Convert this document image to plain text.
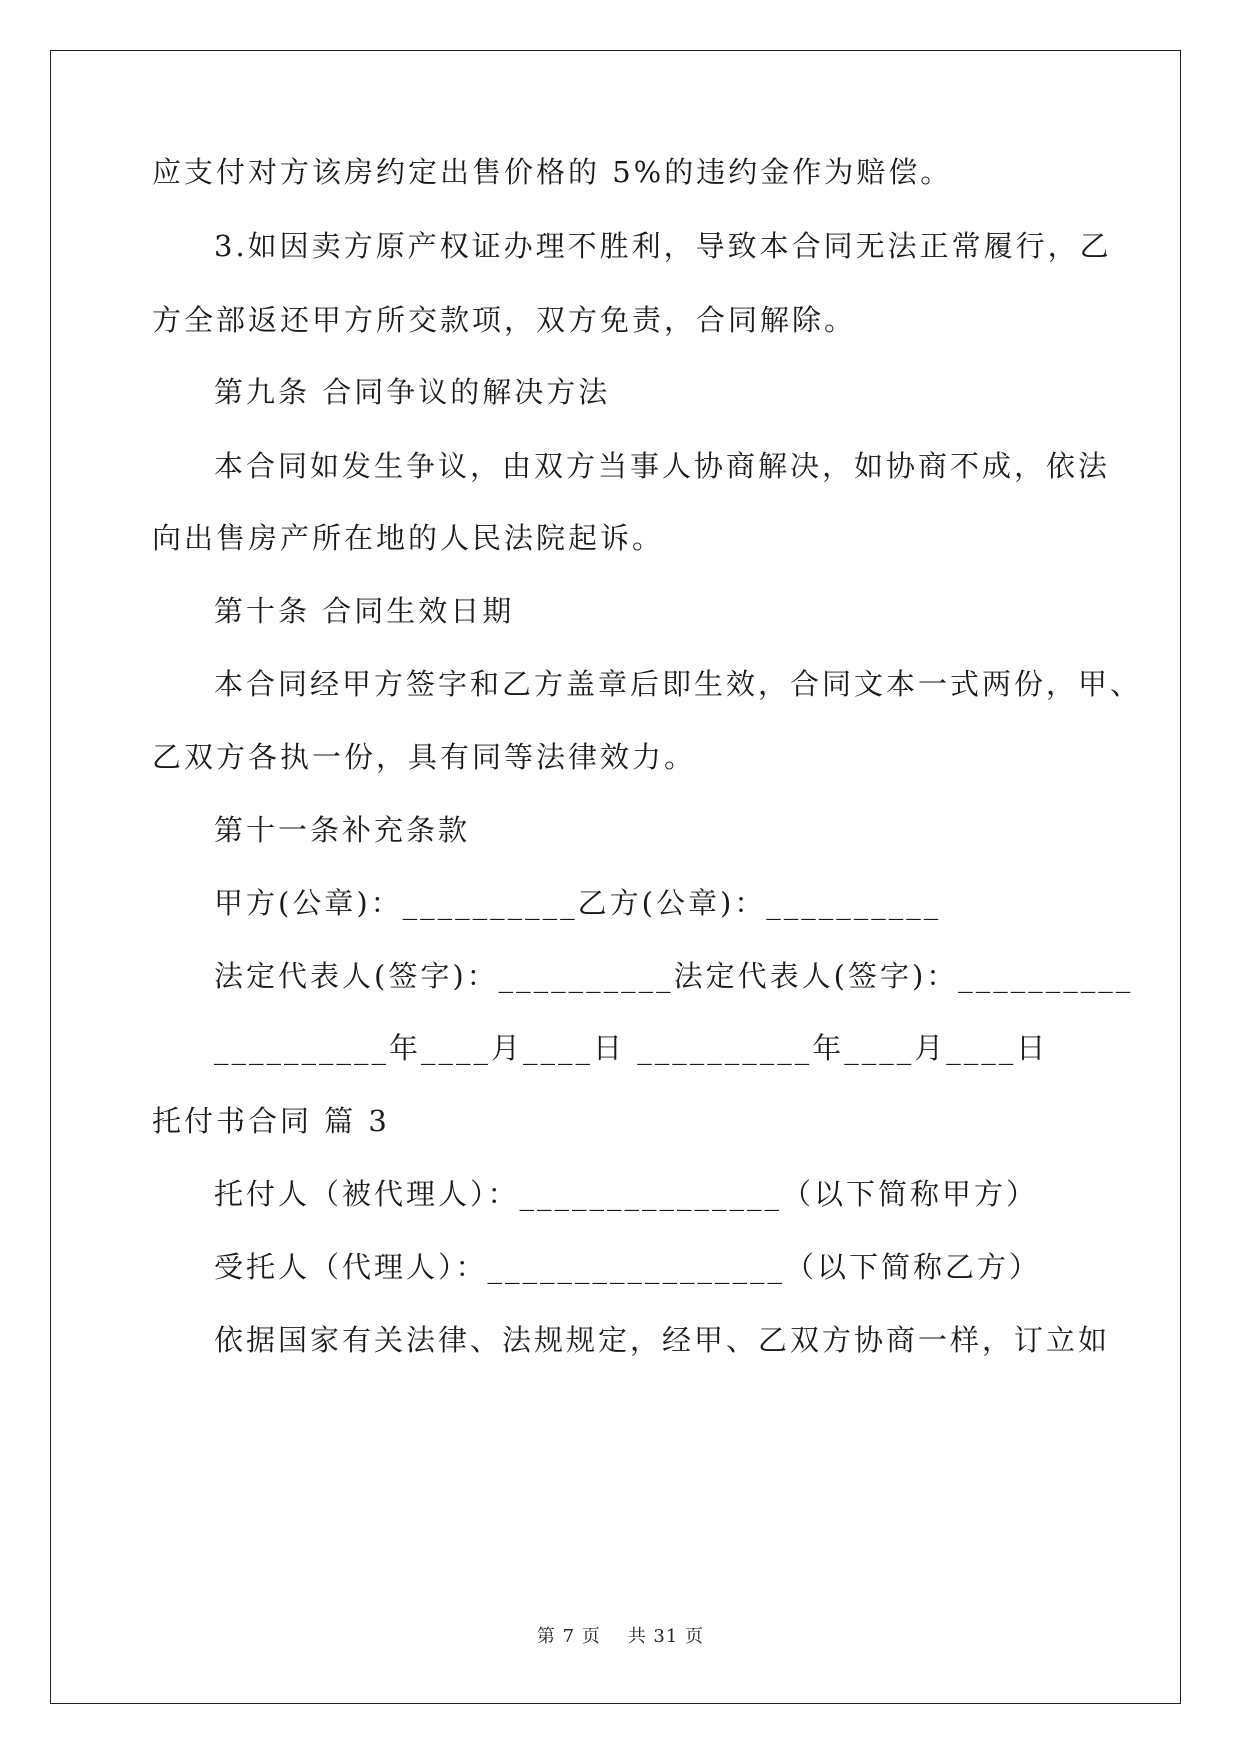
应支付对方该房约定出售价格的 5%的违约金作为赔偿。
3.如因卖方原产权证办理不胜利，导致本合同无法正常履行，乙
方全部返还甲方所交款项，双方免责，合同解除。
第九条 合同争议的解决方法
本合同如发生争议，由双方当事人协商解决，如协商不成，依法
向出售房产所在地的人民法院起诉。
第十条 合同生效日期
本合同经甲方签字和乙方盖章后即生效，合同文本一式两份，甲、
乙双方各执一份，具有同等法律效力。
第十一条补充条款
甲方(公章)：__________乙方(公章)：__________
法定代表人(签字)：__________法定代表人(签字)：__________
__________年____月____日 __________年____月____日
托付书合同 篇 3
托付人（被代理人）：_______________（以下简称甲方）
受托人（代理人）：_________________（以下简称乙方）
依据国家有关法律、法规规定，经甲、乙双方协商一样，订立如
第 7 页    共 31 页
